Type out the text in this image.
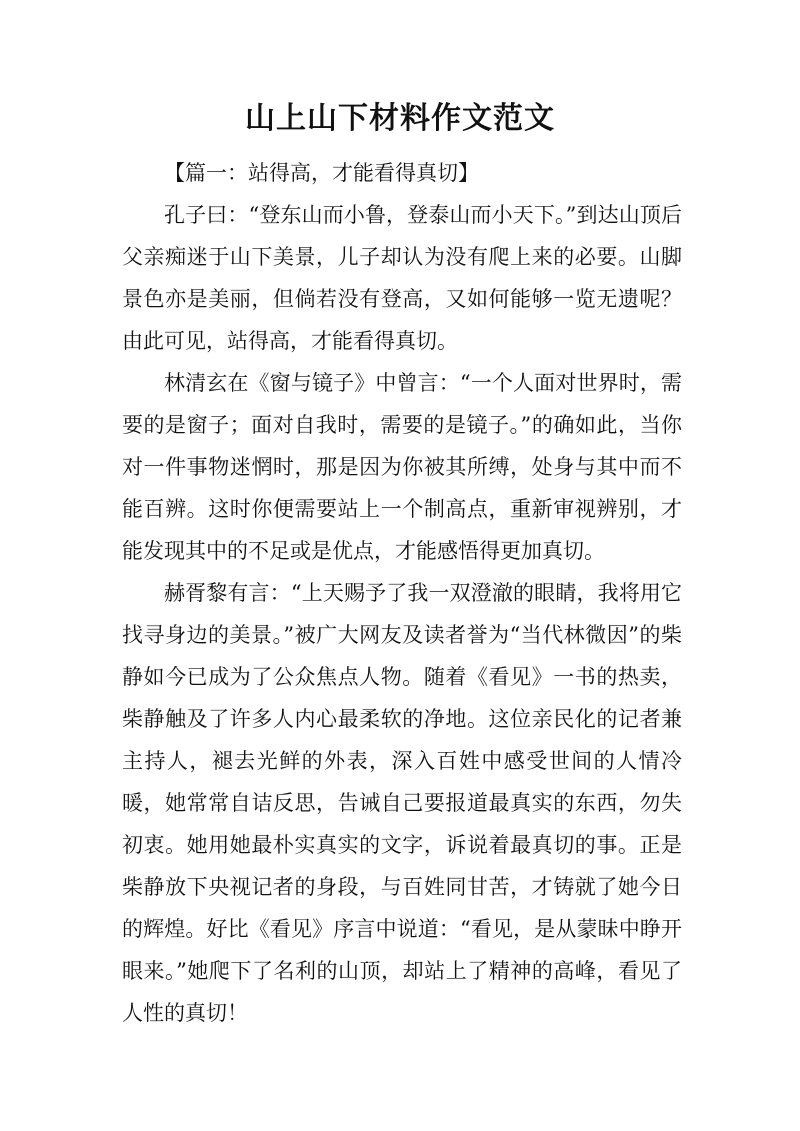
山上山下材料作文范文

【篇一：站得高，才能看得真切】

孔子曰：“登东山而小鲁，登泰山而小天下。”到达山顶后父亲痴迷于山下美景，儿子却认为没有爬上来的必要。山脚景色亦是美丽，但倘若没有登高，又如何能够一览无遗呢？由此可见，站得高，才能看得真切。

林清玄在《窗与镜子》中曾言：“一个人面对世界时，需要的是窗子；面对自我时，需要的是镜子。”的确如此，当你对一件事物迷惘时，那是因为你被其所缚，处身与其中而不能百辨。这时你便需要站上一个制高点，重新审视辨别，才能发现其中的不足或是优点，才能感悟得更加真切。

赫胥黎有言：“上天赐予了我一双澄澈的眼睛，我将用它找寻身边的美景。”被广大网友及读者誉为“当代林微因”的柴静如今已成为了公众焦点人物。随着《看见》一书的热卖，柴静触及了许多人内心最柔软的净地。这位亲民化的记者兼主持人，褪去光鲜的外表，深入百姓中感受世间的人情冷暖，她常常自诘反思，告诫自己要报道最真实的东西，勿失初衷。她用她最朴实真实的文字，诉说着最真切的事。正是柴静放下央视记者的身段，与百姓同甘苦，才铸就了她今日的辉煌。好比《看见》序言中说道：“看见，是从蒙昧中睁开眼来。”她爬下了名利的山顶，却站上了精神的高峰，看见了人性的真切！
